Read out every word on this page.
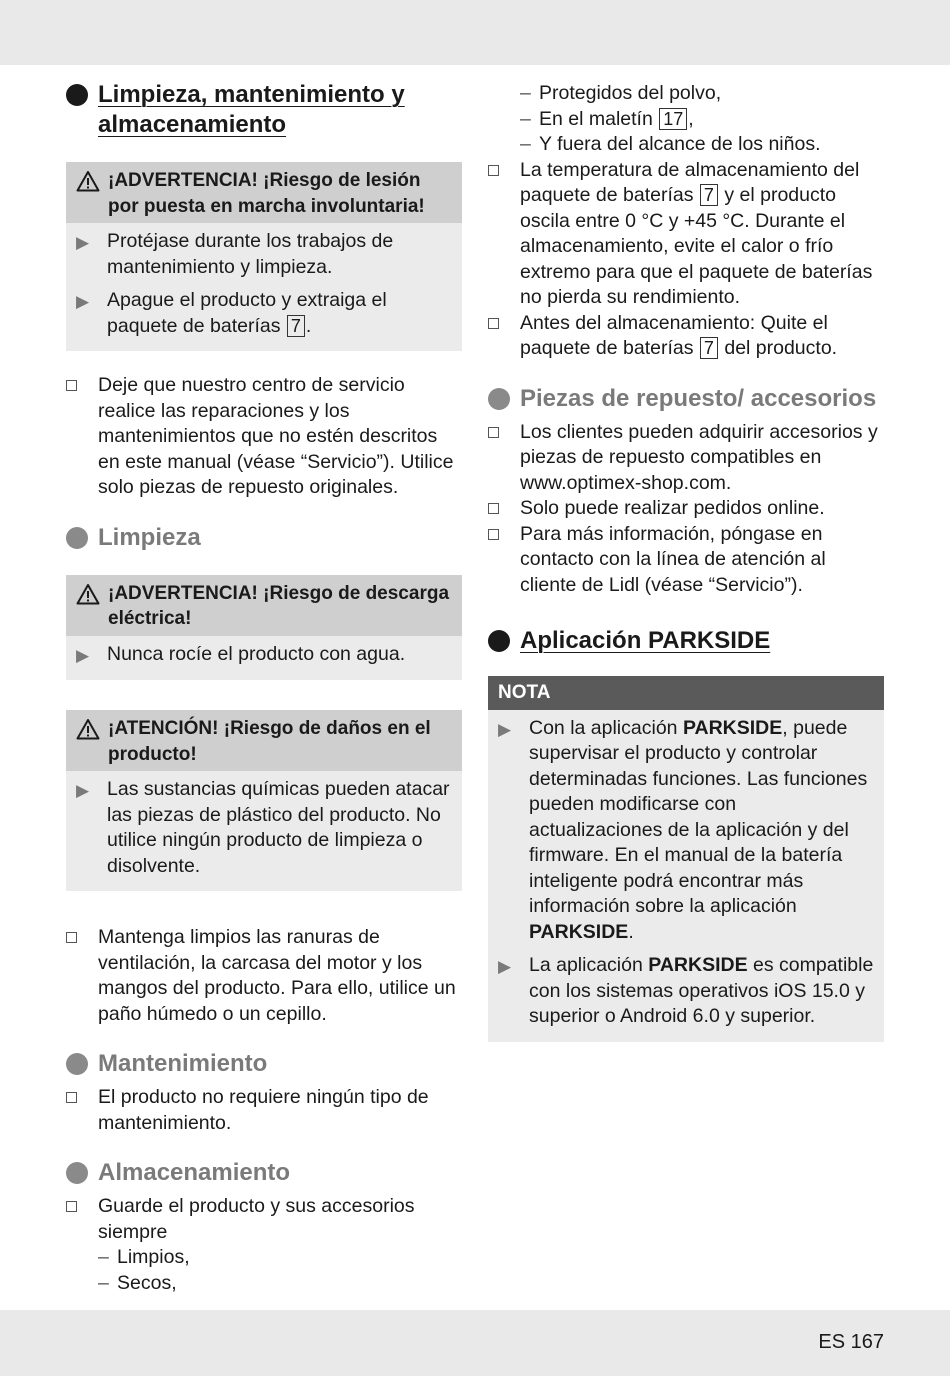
Limpieza, mantenimiento y almacenamiento
¡ADVERTENCIA! ¡Riesgo de lesión por puesta en marcha involuntaria!
▶ Protéjase durante los trabajos de mantenimiento y limpieza.
▶ Apague el producto y extraiga el paquete de baterías 7 .
Deje que nuestro centro de servicio realice las reparaciones y los mantenimientos que no estén descritos en este manual (véase “Servicio”). Utilice solo piezas de repuesto originales.
Limpieza
¡ADVERTENCIA! ¡Riesgo de descarga eléctrica!
▶ Nunca rocíe el producto con agua.
¡ATENCIÓN! ¡Riesgo de daños en el producto!
▶ Las sustancias químicas pueden atacar las piezas de plástico del producto. No utilice ningún producto de limpieza o disolvente.
Mantenga limpios las ranuras de ventilación, la carcasa del motor y los mangos del producto. Para ello, utilice un paño húmedo o un cepillo.
Mantenimiento
El producto no requiere ningún tipo de mantenimiento.
Almacenamiento
Guarde el producto y sus accesorios siempre
– Limpios,
– Secos,
– Protegidos del polvo,
– En el maletín 17 ,
– Y fuera del alcance de los niños.
La temperatura de almacenamiento del paquete de baterías 7 y el producto oscila entre 0 °C y +45 °C. Durante el almacenamiento, evite el calor o frío extremo para que el paquete de baterías no pierda su rendimiento.
Antes del almacenamiento: Quite el paquete de baterías 7 del producto.
Piezas de repuesto/ accesorios
Los clientes pueden adquirir accesorios y piezas de repuesto compatibles en www.optimex-shop.com.
Solo puede realizar pedidos online.
Para más información, póngase en contacto con la línea de atención al cliente de Lidl (véase “Servicio”).
Aplicación PARKSIDE
NOTA
▶ Con la aplicación PARKSIDE, puede supervisar el producto y controlar determinadas funciones. Las funciones pueden modificarse con actualizaciones de la aplicación y del firmware. En el manual de la batería inteligente podrá encontrar más información sobre la aplicación PARKSIDE.
▶ La aplicación PARKSIDE es compatible con los sistemas operativos iOS 15.0 y superior o Android 6.0 y superior.
ES 167
